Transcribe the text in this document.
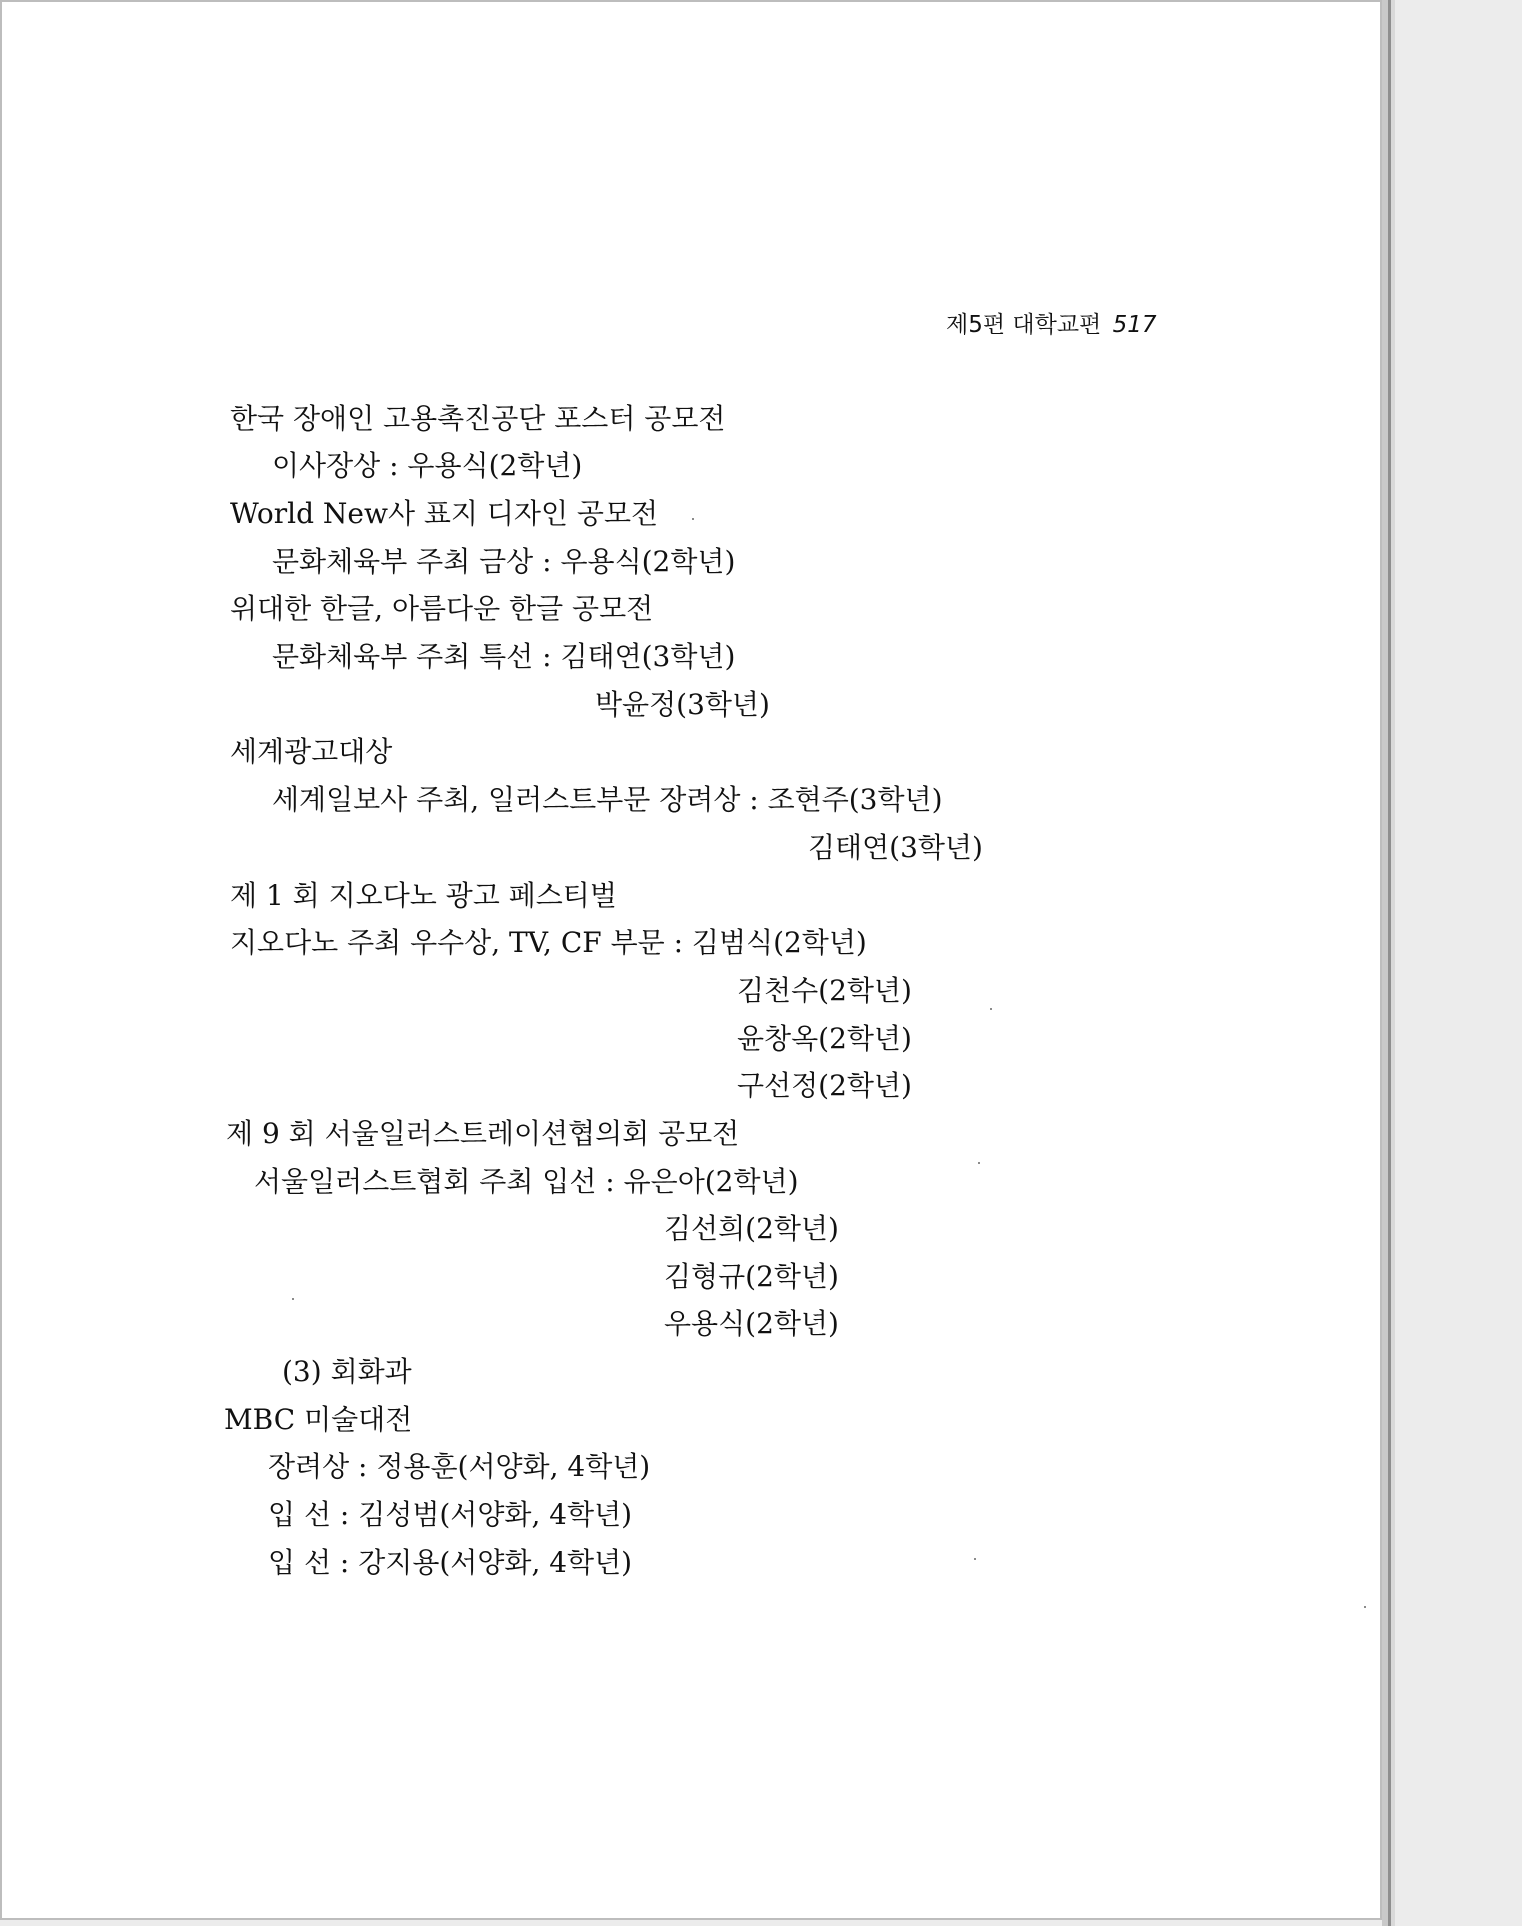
제5편 대학교편 517
한국 장애인 고용촉진공단 포스터 공모전
이사장상 : 우용식(2학년)
World New사 표지 디자인 공모전
문화체육부 주최 금상 : 우용식(2학년)
위대한 한글, 아름다운 한글 공모전
문화체육부 주최 특선 : 김태연(3학년)
박윤정(3학년)
세계광고대상
세계일보사 주최, 일러스트부문 장려상 : 조현주(3학년)
김태연(3학년)
제 1 회 지오다노 광고 페스티벌
지오다노 주최 우수상, TV, CF 부문 : 김범식(2학년)
김천수(2학년)
윤창옥(2학년)
구선정(2학년)
제 9 회 서울일러스트레이션협의회 공모전
서울일러스트협회 주최 입선 : 유은아(2학년)
김선희(2학년)
김형규(2학년)
우용식(2학년)
(3) 회화과
MBC 미술대전
장려상 : 정용훈(서양화, 4학년)
입 선 : 김성범(서양화, 4학년)
입 선 : 강지용(서양화, 4학년)
